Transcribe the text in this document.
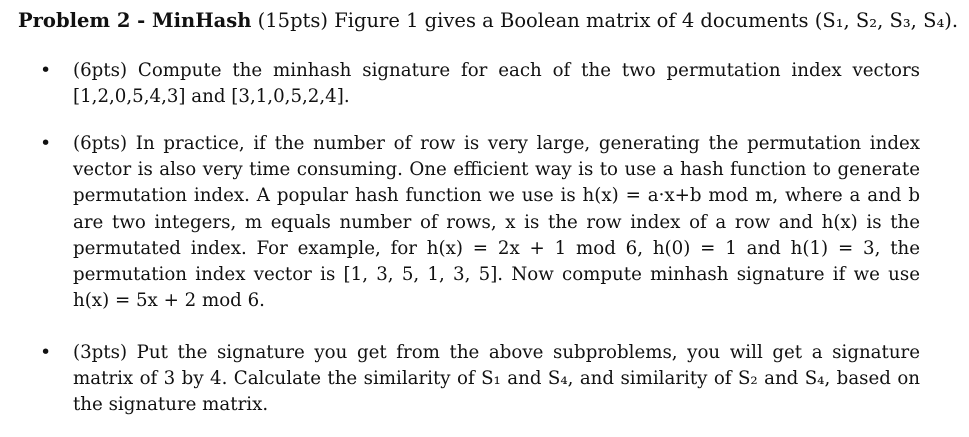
Problem 2 - MinHash (15pts) Figure 1 gives a Boolean matrix of 4 documents (S₁, S₂, S₃, S₄).
• (6pts) Compute the minhash signature for each of the two permutation index vectors [1,2,0,5,4,3] and [3,1,0,5,2,4].
• (6pts) In practice, if the number of row is very large, generating the permutation index vector is also very time consuming. One efficient way is to use a hash function to generate permutation index. A popular hash function we use is h(x) = a·x+b mod m, where a and b are two integers, m equals number of rows, x is the row index of a row and h(x) is the permutated index. For example, for h(x) = 2x + 1 mod 6, h(0) = 1 and h(1) = 3, the permutation index vector is [1, 3, 5, 1, 3, 5]. Now compute minhash signature if we use h(x) = 5x + 2 mod 6.
• (3pts) Put the signature you get from the above subproblems, you will get a signature matrix of 3 by 4. Calculate the similarity of S₁ and S₄, and similarity of S₂ and S₄, based on the signature matrix.
